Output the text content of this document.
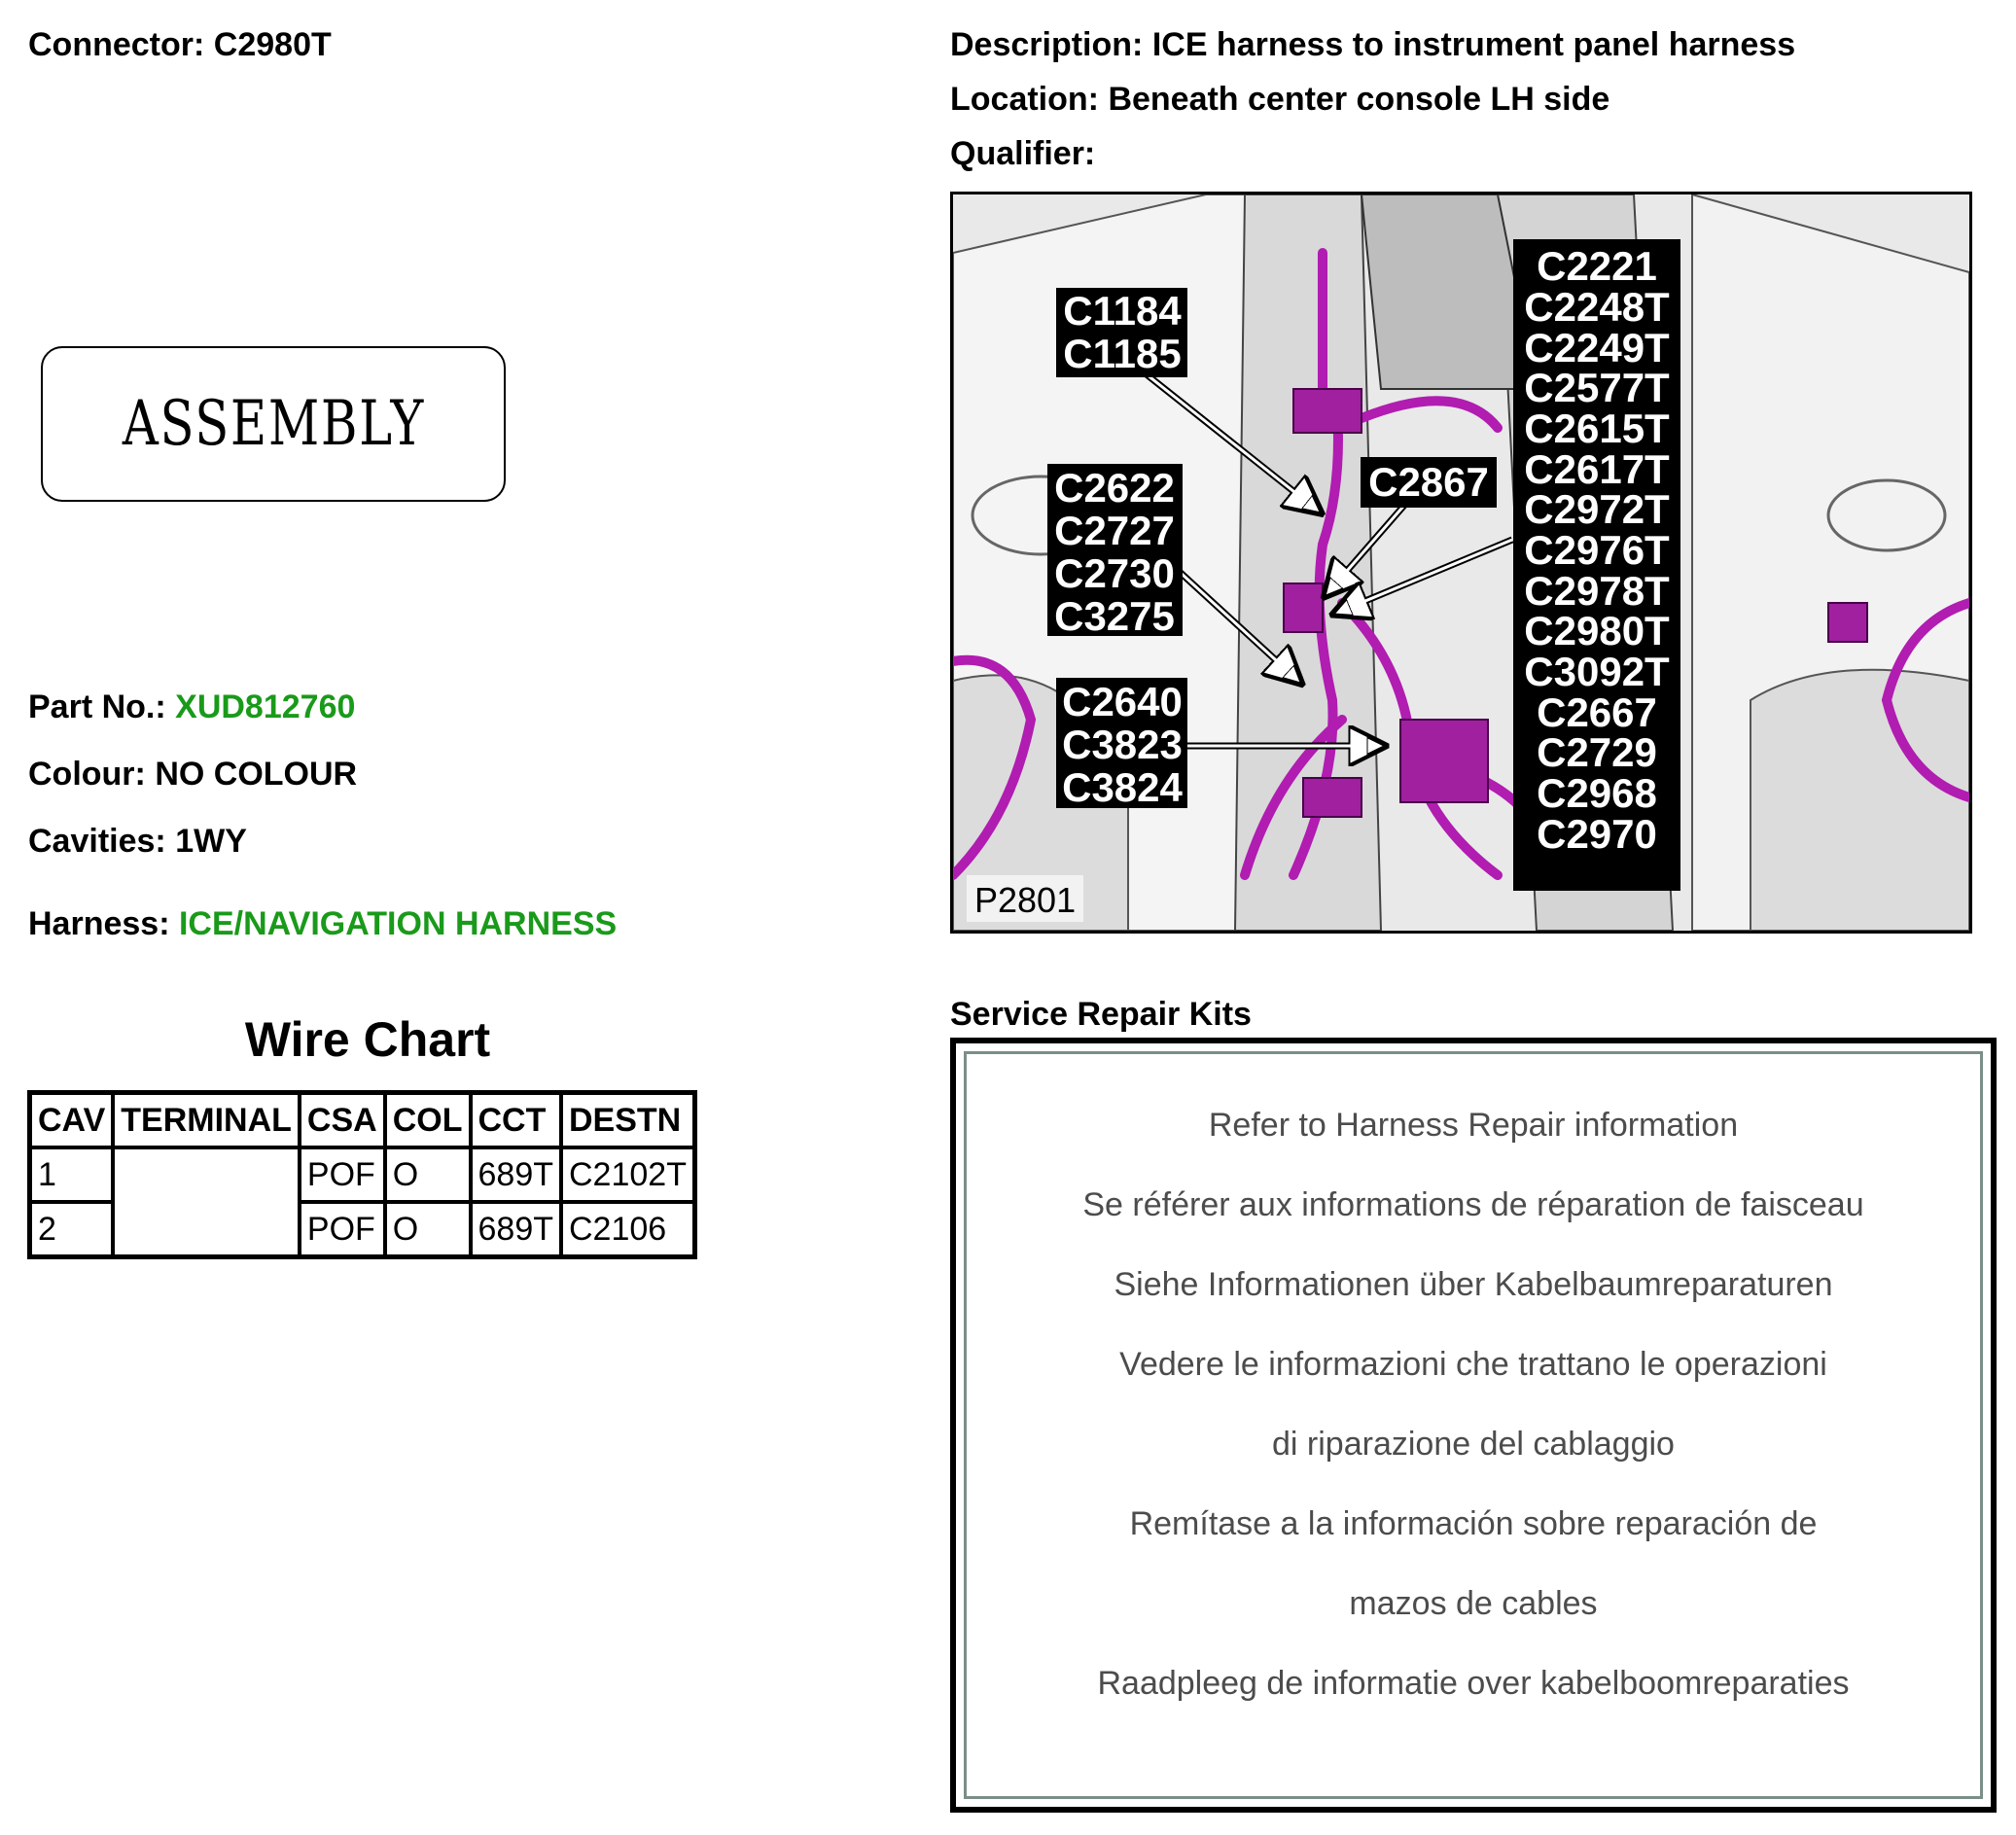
Connector: C2980T
ASSEMBLY
Part No.: XUD812760
Colour: NO COLOUR
Cavities: 1WY
Harness: ICE/NAVIGATION HARNESS
Wire Chart
CAV	TERMINAL	CSA	COL	CCT	DESTN
1		POF	O	689T	C2102T
2		POF	O	689T	C2106
Description: ICE harness to instrument panel harness
Location: Beneath center console LH side
Qualifier:
C1184
C1185
C2622
C2727
C2730
C3275
C2640
C3823
C3824
C2867
C2221
C2248T
C2249T
C2577T
C2615T
C2617T
C2972T
C2976T
C2978T
C2980T
C3092T
C2667
C2729
C2968
C2970
P2801
Service Repair Kits
Refer to Harness Repair information
Se référer aux informations de réparation de faisceau
Siehe Informationen über Kabelbaumreparaturen
Vedere le informazioni che trattano le operazioni
di riparazione del cablaggio
Remítase a la información sobre reparación de
mazos de cables
Raadpleeg de informatie over kabelboomreparaties
